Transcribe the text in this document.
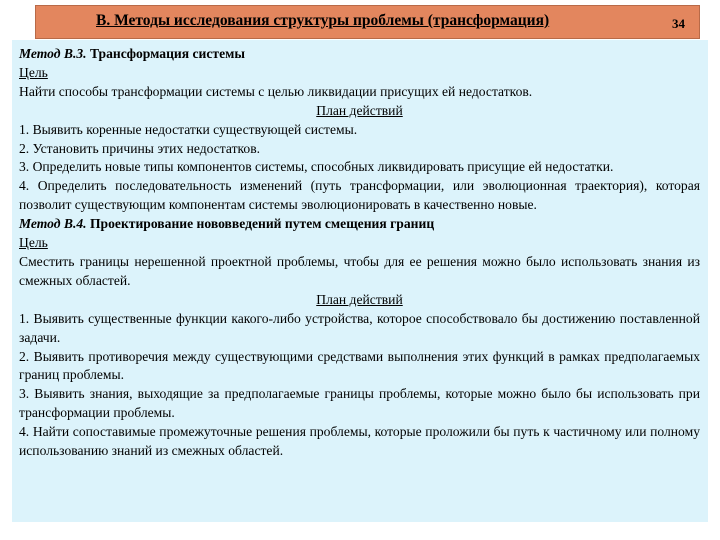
B. Методы исследования структуры проблемы (трансформация)	34

Метод B.3. Трансформация системы

Цель

Найти способы трансформации системы с целью ликвидации присущих ей недостатков.

План действий

1. Выявить коренные недостатки существующей системы.

2. Установить причины этих недостатков.

3. Определить новые типы компонентов системы, способных ликвидировать присущие ей недостатки.

4. Определить последовательность изменений (путь трансформации, или эволюционная траектория), которая позволит существующим компонентам системы эволюционировать в качественно новые.

Метод B.4. Проектирование нововведений путем смещения границ

Цель

Сместить границы нерешенной проектной проблемы, чтобы для ее решения можно было использовать знания из смежных областей.

План действий

1. Выявить существенные функции какого-либо устройства, которое способствовало бы достижению поставленной задачи.

2. Выявить противоречия между существующими средствами выполнения этих функций в рамках предполагаемых границ проблемы.

3. Выявить знания, выходящие за предполагаемые границы проблемы, которые можно было бы использовать при трансформации проблемы.

4. Найти сопоставимые промежуточные решения проблемы, которые проложили бы путь к частичному или полному использованию знаний из смежных областей.
